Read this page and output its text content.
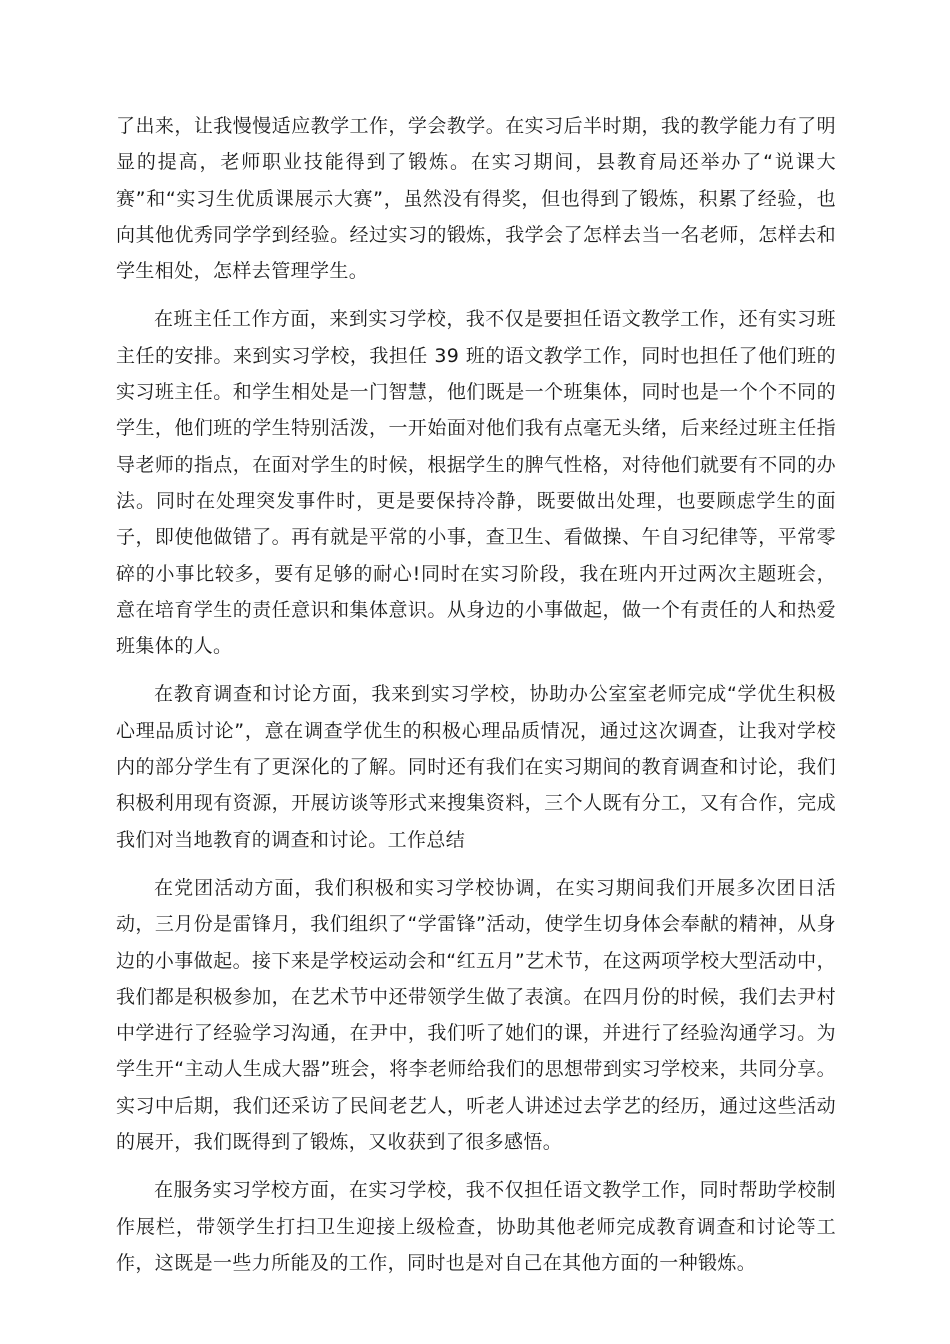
了出来，让我慢慢适应教学工作，学会教学。在实习后半时期，我的教学能力有了明显的提高，老师职业技能得到了锻炼。在实习期间，县教育局还举办了“说课大赛”和“实习生优质课展示大赛”，虽然没有得奖，但也得到了锻炼，积累了经验，也向其他优秀同学学到经验。经过实习的锻炼，我学会了怎样去当一名老师，怎样去和学生相处，怎样去管理学生。

在班主任工作方面，来到实习学校，我不仅是要担任语文教学工作，还有实习班主任的安排。来到实习学校，我担任 39 班的语文教学工作，同时也担任了他们班的实习班主任。和学生相处是一门智慧，他们既是一个班集体，同时也是一个个不同的学生，他们班的学生特别活泼，一开始面对他们我有点毫无头绪，后来经过班主任指导老师的指点，在面对学生的时候，根据学生的脾气性格，对待他们就要有不同的办法。同时在处理突发事件时，更是要保持冷静，既要做出处理，也要顾虑学生的面子，即使他做错了。再有就是平常的小事，查卫生、看做操、午自习纪律等，平常零碎的小事比较多，要有足够的耐心!同时在实习阶段，我在班内开过两次主题班会，意在培育学生的责任意识和集体意识。从身边的小事做起，做一个有责任的人和热爱班集体的人。

在教育调查和讨论方面，我来到实习学校，协助办公室室老师完成“学优生积极心理品质讨论”，意在调查学优生的积极心理品质情况，通过这次调查，让我对学校内的部分学生有了更深化的了解。同时还有我们在实习期间的教育调查和讨论，我们积极利用现有资源，开展访谈等形式来搜集资料，三个人既有分工，又有合作，完成我们对当地教育的调查和讨论。工作总结

在党团活动方面，我们积极和实习学校协调，在实习期间我们开展多次团日活动，三月份是雷锋月，我们组织了“学雷锋”活动，使学生切身体会奉献的精神，从身边的小事做起。接下来是学校运动会和“红五月”艺术节，在这两项学校大型活动中，我们都是积极参加，在艺术节中还带领学生做了表演。在四月份的时候，我们去尹村中学进行了经验学习沟通，在尹中，我们听了她们的课，并进行了经验沟通学习。为学生开“主动人生成大器”班会，将李老师给我们的思想带到实习学校来，共同分享。实习中后期，我们还采访了民间老艺人，听老人讲述过去学艺的经历，通过这些活动的展开，我们既得到了锻炼，又收获到了很多感悟。

在服务实习学校方面，在实习学校，我不仅担任语文教学工作，同时帮助学校制作展栏，带领学生打扫卫生迎接上级检查，协助其他老师完成教育调查和讨论等工作，这既是一些力所能及的工作，同时也是对自己在其他方面的一种锻炼。
